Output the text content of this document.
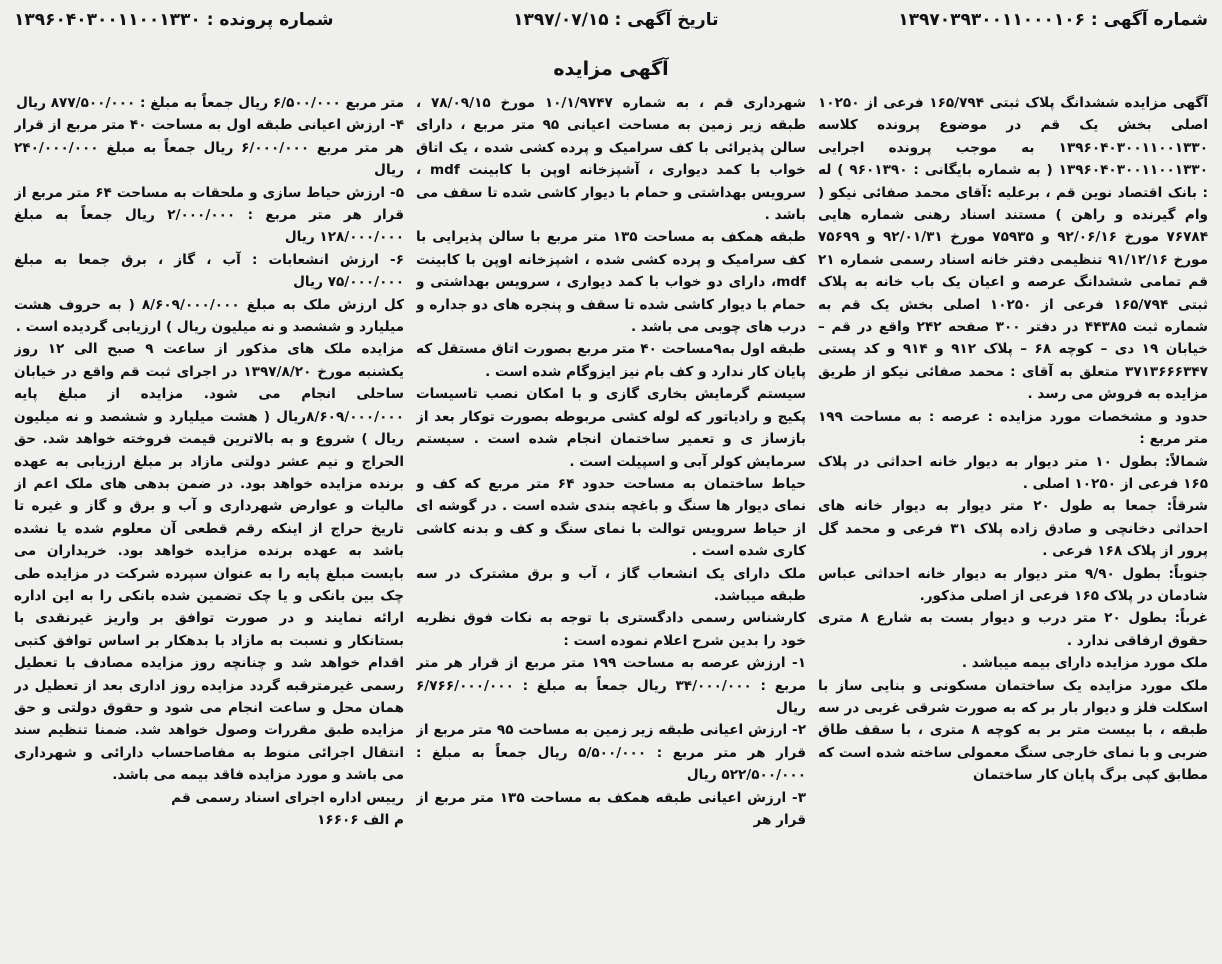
شماره آگهی : ۱۳۹۷۰۳۹۳۰۰۱۱۰۰۰۱۰۶
تاریخ آگهی : ۱۳۹۷/۰۷/۱۵
شماره پرونده : ۱۳۹۶۰۴۰۳۰۰۱۱۰۰۱۳۳۰
آگهی مزایده

آگهی مزایده ششدانگ پلاک ثبتی ۱۶۵/۷۹۴ فرعی از ۱۰۲۵۰ اصلی بخش یک قم در موضوع پرونده کلاسه ۱۳۹۶۰۴۰۳۰۰۱۱۰۰۱۳۳۰ به موجب پرونده اجرایی ۱۳۹۶۰۴۰۳۰۰۱۱۰۰۱۳۳۰ ( به شماره بایگانی : ۹۶۰۱۳۹۰ ) له : بانک اقتصاد نوین قم ، برعلیه :آقای محمد صفائی نیکو ( وام گیرنده و راهن ) مستند اسناد رهنی شماره هایی ۷۶۷۸۴ مورخ ۹۲/۰۶/۱۶ و ۷۵۹۳۵ مورخ ۹۲/۰۱/۳۱ و ۷۵۶۹۹ مورخ ۹۱/۱۲/۱۶ تنظیمی دفتر خانه اسناد رسمی شماره ۲۱ قم تمامی ششدانگ عرصه و اعیان یک باب خانه به پلاک ثبتی ۱۶۵/۷۹۴ فرعی از ۱۰۲۵۰ اصلی بخش یک قم به شماره ثبت ۴۴۳۸۵ در دفتر ۳۰۰ صفحه ۲۴۲ واقع در قم – خیابان ۱۹ دی – کوچه ۶۸ – پلاک ۹۱۲ و ۹۱۴ و کد پستی ۳۷۱۳۶۶۶۳۴۷ متعلق به آقای : محمد صفائی نیکو از طریق مزایده به فروش می رسد .

حدود و مشخصات مورد مزایده : عرصه : به مساحت ۱۹۹ متر مربع :

شمالاً: بطول ۱۰ متر دیوار به دیوار خانه احداثی در پلاک ۱۶۵ فرعی از ۱۰۲۵۰ اصلی .

شرقاً: جمعا به طول ۲۰ متر دیوار به دیوار خانه های احداثی دخانچی و صادق زاده پلاک ۳۱ فرعی و محمد گل پرور از پلاک ۱۶۸ فرعی .

جنوباً: بطول ۹/۹۰ متر دیوار به دیوار خانه احداثی عباس شادمان در پلاک ۱۶۵ فرعی از اصلی مذکور.

غرباً: بطول ۲۰ متر درب و دیوار بست به شارع ۸ متری حقوق ارفاقی ندارد .

ملک مورد مزایده دارای بیمه میباشد .

ملک مورد مزایده یک ساختمان مسکونی و بنایی ساز با اسکلت فلز و دیوار بار بر که به صورت شرقی غربی در سه طبقه ، با بیست متر بر به کوچه ۸ متری ، با سقف طاق ضربی و با نمای خارجی سنگ معمولی ساخته شده است که مطابق کپی برگ پایان کار ساختمان

شهرداری قم ، به شماره ۱۰/۱/۹۷۴۷ مورخ ۷۸/۰۹/۱۵ ، طبقه زیر زمین به مساحت اعیانی ۹۵ متر مربع ، دارای سالن پذیرائی با کف سرامیک و پرده کشی شده ، یک اتاق خواب با کمد دیواری ، آشپزخانه اوپن با کابینت mdf ، سرویس بهداشتی و حمام با دیوار کاشی شده تا سقف می باشد .

طبقه همکف به مساحت ۱۳۵ متر مربع با سالن پذیرایی با کف سرامیک و پرده کشی شده ، اشپزخانه اوپن با کابینت mdf، دارای دو خواب با کمد دیواری ، سرویس بهداشتی و حمام با دیوار کاشی شده تا سقف و پنجره های دو جداره و درب های چوبی می باشد .

طبقه اول به۹مساحت ۴۰ متر مربع بصورت اتاق مستقل که پایان کار ندارد و کف بام نیز ایزوگام شده است .

سیستم گرمایش بخاری گازی و با امکان نصب تاسیسات پکیج و رادیاتور که لوله کشی مربوطه بصورت توکار بعد از بازساز ی و تعمیر ساختمان انجام شده است . سیستم سرمایش کولر آبی و اسپیلت است .

حیاط ساختمان به مساحت حدود ۶۴ متر مربع که کف و نمای دیوار ها سنگ و باغچه بندی شده است . در گوشه ای از حیاط سرویس توالت با نمای سنگ و کف و بدنه کاشی کاری شده است .

ملک دارای یک انشعاب گاز ، آب و برق مشترک در سه طبقه میباشد.

کارشناس رسمی دادگستری با توجه به نکات فوق نظریه خود را بدین شرح اعلام نموده است :

۱- ارزش عرصه به مساحت ۱۹۹ متر مربع از قرار هر متر مربع : ۳۴/۰۰۰/۰۰۰ ریال جمعاً به مبلغ : ۶/۷۶۶/۰۰۰/۰۰۰ ریال

۲- ارزش اعیانی طبقه زیر زمین به مساحت ۹۵ متر مربع از قرار هر متر مربع : ۵/۵۰۰/۰۰۰ ریال جمعاً به مبلغ : ۵۲۲/۵۰۰/۰۰۰ ریال

۳- ارزش اعیانی طبقه همکف به مساحت ۱۳۵ متر مربع از قرار هر

متر مربع ۶/۵۰۰/۰۰۰ ریال جمعاً به مبلغ : ۸۷۷/۵۰۰/۰۰۰ ریال

۴- ارزش اعیانی طبقه اول به مساحت ۴۰ متر مربع از قرار هر متر مربع ۶/۰۰۰/۰۰۰ ریال جمعاً به مبلغ ۲۴۰/۰۰۰/۰۰۰ ریال

۵- ارزش حیاط سازی و ملحقات به مساحت ۶۴ متر مربع از قرار هر متر مربع : ۲/۰۰۰/۰۰۰ ریال جمعاً به مبلغ ۱۲۸/۰۰۰/۰۰۰ ریال

۶- ارزش انشعابات : آب ، گاز ، برق جمعا به مبلغ ۷۵/۰۰۰/۰۰۰ ریال

کل ارزش ملک به مبلغ ۸/۶۰۹/۰۰۰/۰۰۰ ( به حروف هشت میلیارد و ششصد و نه میلیون ریال ) ارزیابی گردیده است .

مزایده ملک های مذکور از ساعت ۹ صبح الی ۱۲ روز یکشنبه مورخ ۱۳۹۷/۸/۲۰ در اجرای ثبت قم واقع در خیابان ساحلی انجام می شود. مزایده از مبلغ پایه ۸/۶۰۹/۰۰۰/۰۰۰ریال ( هشت میلیارد و ششصد و نه میلیون ریال ) شروع و به بالاترین قیمت فروخته خواهد شد. حق الحراج و نیم عشر دولتی مازاد بر مبلغ ارزیابی به عهده برنده مزایده خواهد بود. در ضمن بدهی های ملک اعم از مالیات و عوارض شهرداری و آب و برق و گاز و غیره تا تاریخ حراج از اینکه رقم قطعی آن معلوم شده یا نشده باشد به عهده برنده مزایده خواهد بود. خریداران می بایست مبلغ پایه را به عنوان سپرده شرکت در مزایده طی چک بین بانکی و یا چک تضمین شده بانکی را به این اداره ارائه نمایند و در صورت توافق بر واریز غیرنقدی با بستانکار و نسبت به مازاد با بدهکار بر اساس توافق کتبی اقدام خواهد شد و چنانچه روز مزایده مصادف با تعطیل رسمی غیرمترقبه گردد مزایده روز اداری بعد از تعطیل در همان محل و ساعت انجام می شود و حقوق دولتی و حق مزایده طبق مقررات وصول خواهد شد. ضمنا تنظیم سند انتقال اجرائی منوط به مفاصاحساب دارائی و شهرداری می باشد و مورد مزایده فاقد بیمه می باشد.

رییس اداره اجرای اسناد رسمی قم

م الف ۱۶۶۰۶
